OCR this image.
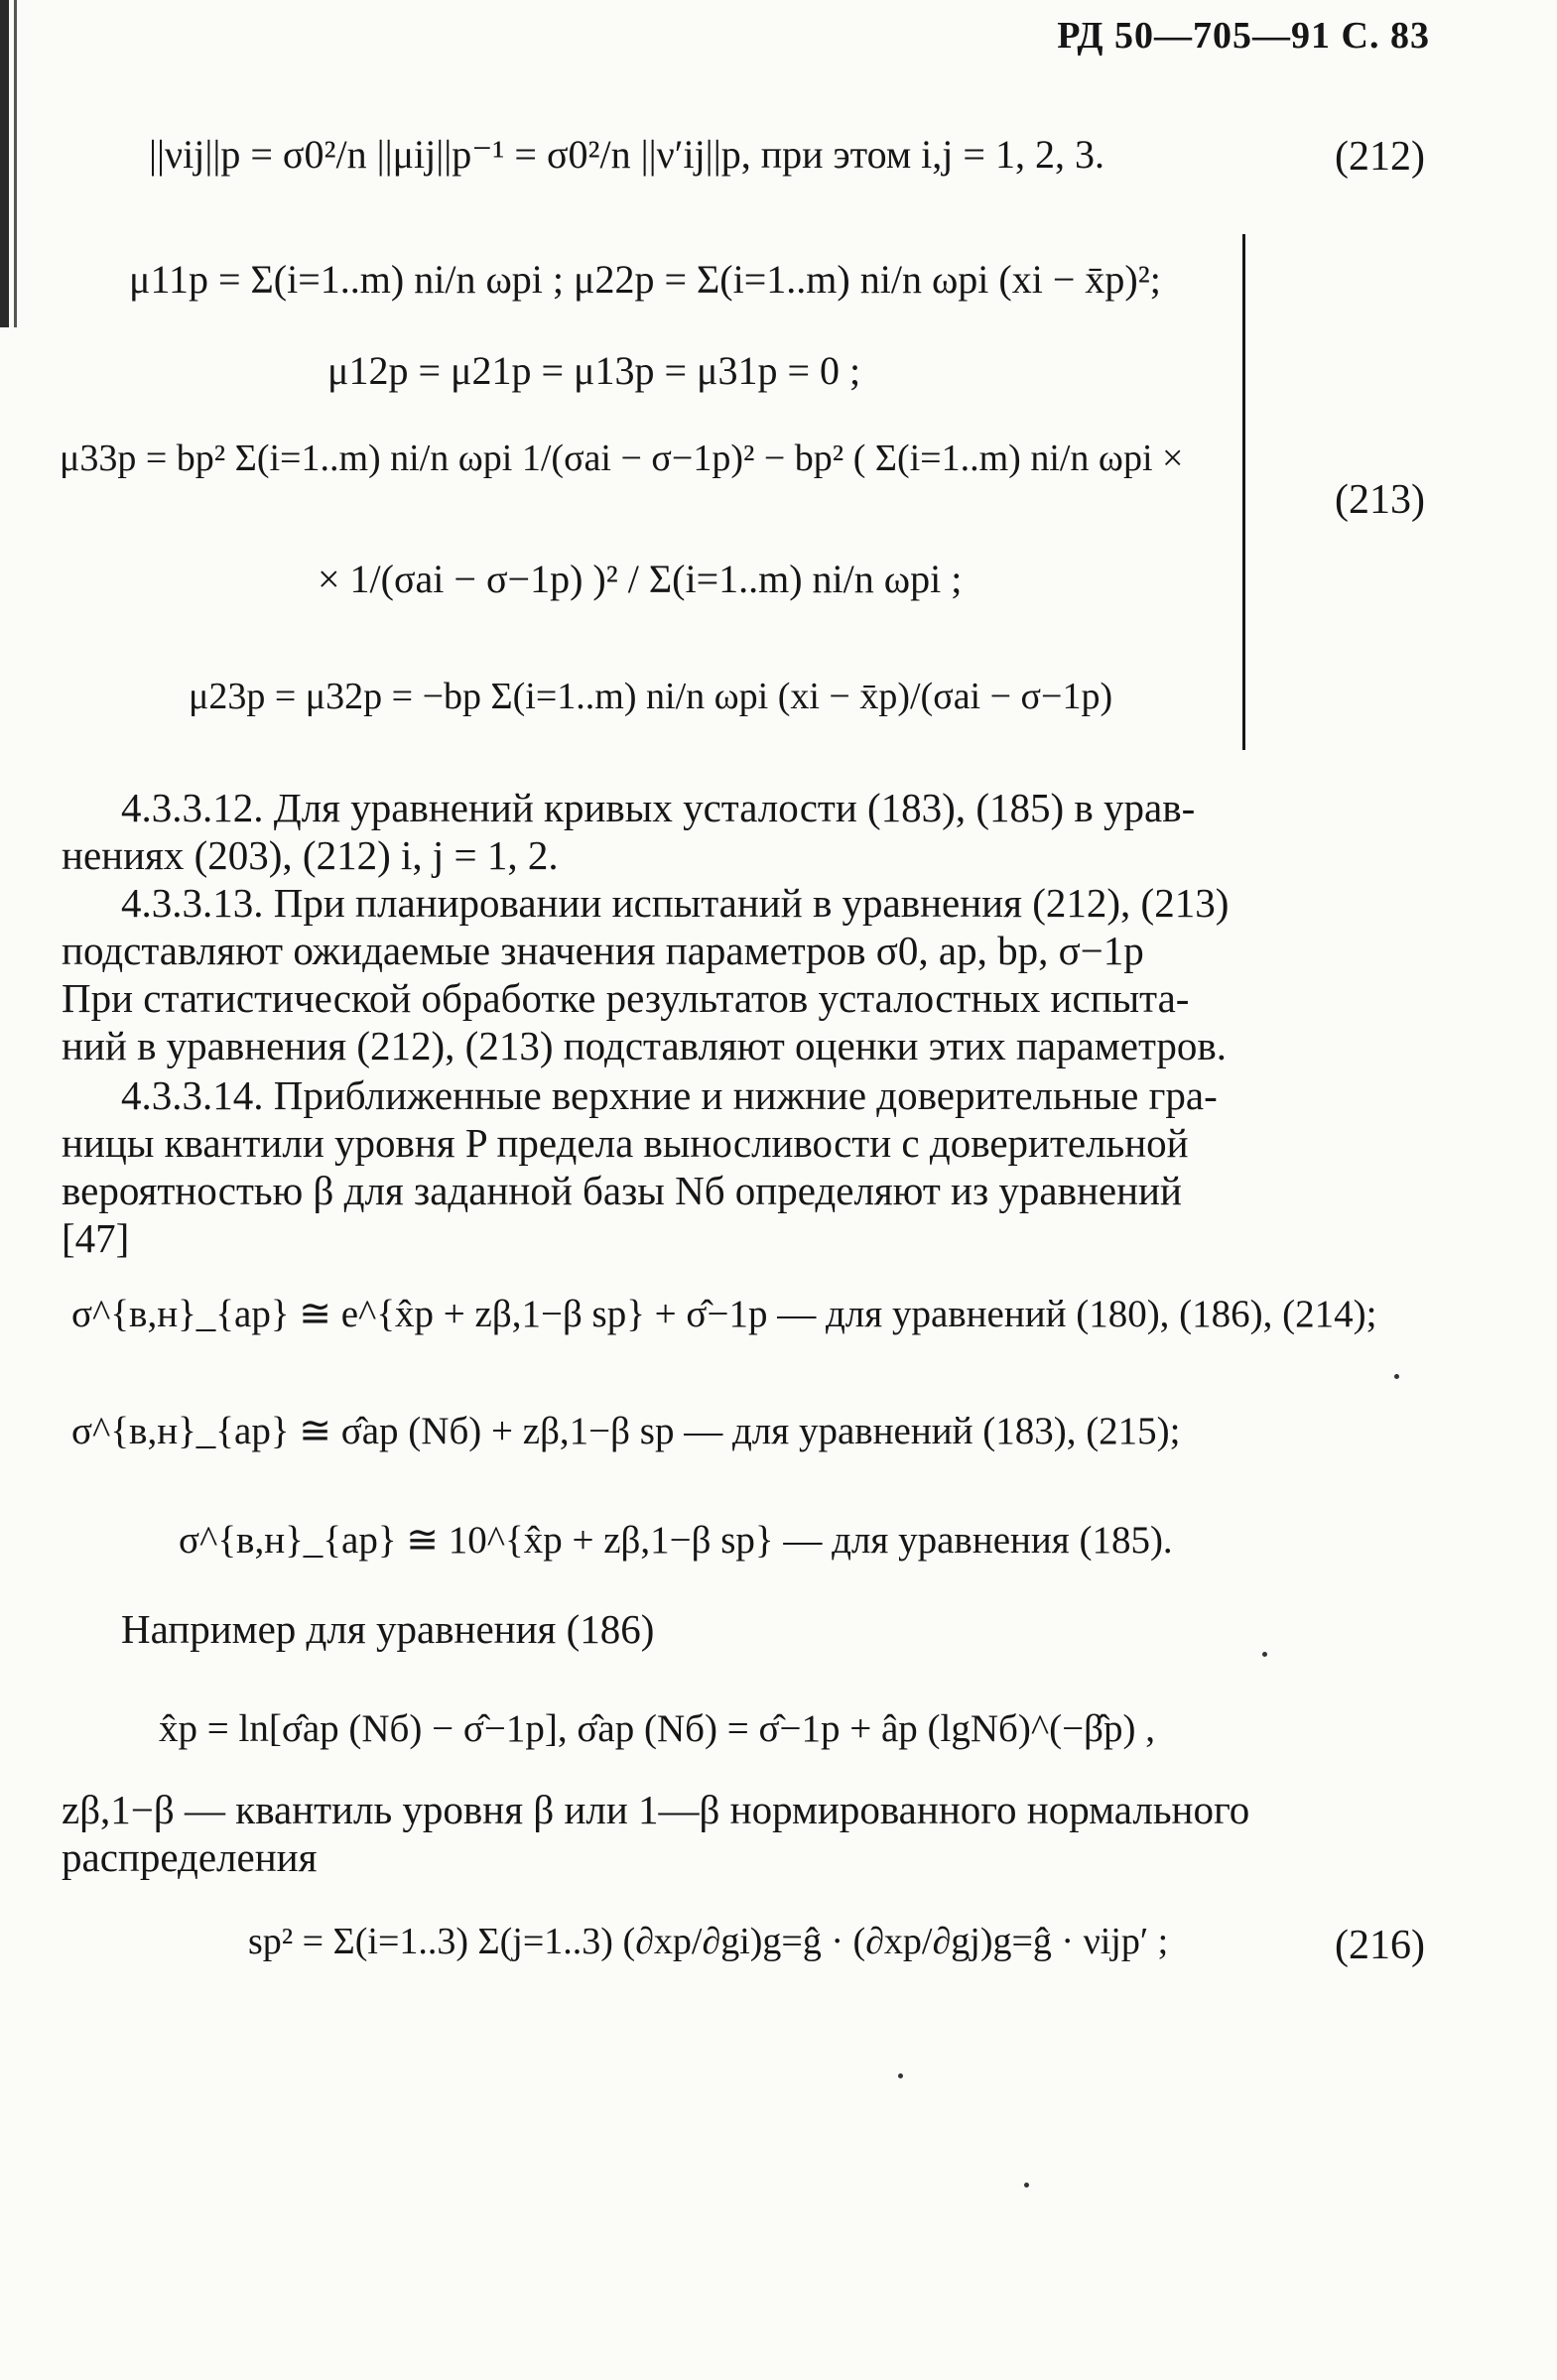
РД 50—705—91 С. 83
||νij||p = σ0²/n ||μij||p⁻¹ = σ0²/n ||ν′ij||p, при этом i,j = 1, 2, 3.	(212)
μ11p = Σ(i=1..m) ni/n ωpi ; μ22p = Σ(i=1..m) ni/n ωpi (xi − x̄p)²;
μ12p = μ21p = μ13p = μ31p = 0 ;
μ33p = bp² Σ(i=1..m) ni/n ωpi 1/(σai − σ−1p)² − bp² ( Σ(i=1..m) ni/n ωpi ×
× 1/(σai − σ−1p) )² / Σ(i=1..m) ni/n ωpi ;
μ23p = μ32p = −bp Σ(i=1..m) ni/n ωpi (xi − x̄p)/(σai − σ−1p)
(213)
4.3.3.12. Для уравнений кривых усталости (183), (185) в урав-
нениях (203), (212) i, j = 1, 2.
4.3.3.13. При планировании испытаний в уравнения (212), (213)
подставляют ожидаемые значения параметров σ0, ap, bp, σ−1p
При статистической обработке результатов усталостных испыта-
ний в уравнения (212), (213) подставляют оценки этих параметров.
4.3.3.14. Приближенные верхние и нижние доверительные гра-
ницы квантили уровня P предела выносливости с доверительной
вероятностью β для заданной базы Nб определяют из уравнений
[47]
σ^{в,н}_{ap} ≅ e^{x̂p + zβ,1−β sp} + σ̂−1p — для уравнений (180), (186), (214);
σ^{в,н}_{ap} ≅ σ̂ap (Nб) + zβ,1−β sp — для уравнений (183), (215);
σ^{в,н}_{ap} ≅ 10^{x̂p + zβ,1−β sp} — для уравнения (185).
Например для уравнения (186)
x̂p = ln[σ̂ap (Nб) − σ̂−1p], σ̂ap (Nб) = σ̂−1p + âp (lgNб)^(−β̂p) ,
zβ,1−β — квантиль уровня β или 1—β нормированного нормального
распределения
sp² = Σ(i=1..3) Σ(j=1..3) (∂xp/∂gi)g=ĝ · (∂xp/∂gj)g=ĝ · νijp′ ;	(216)
